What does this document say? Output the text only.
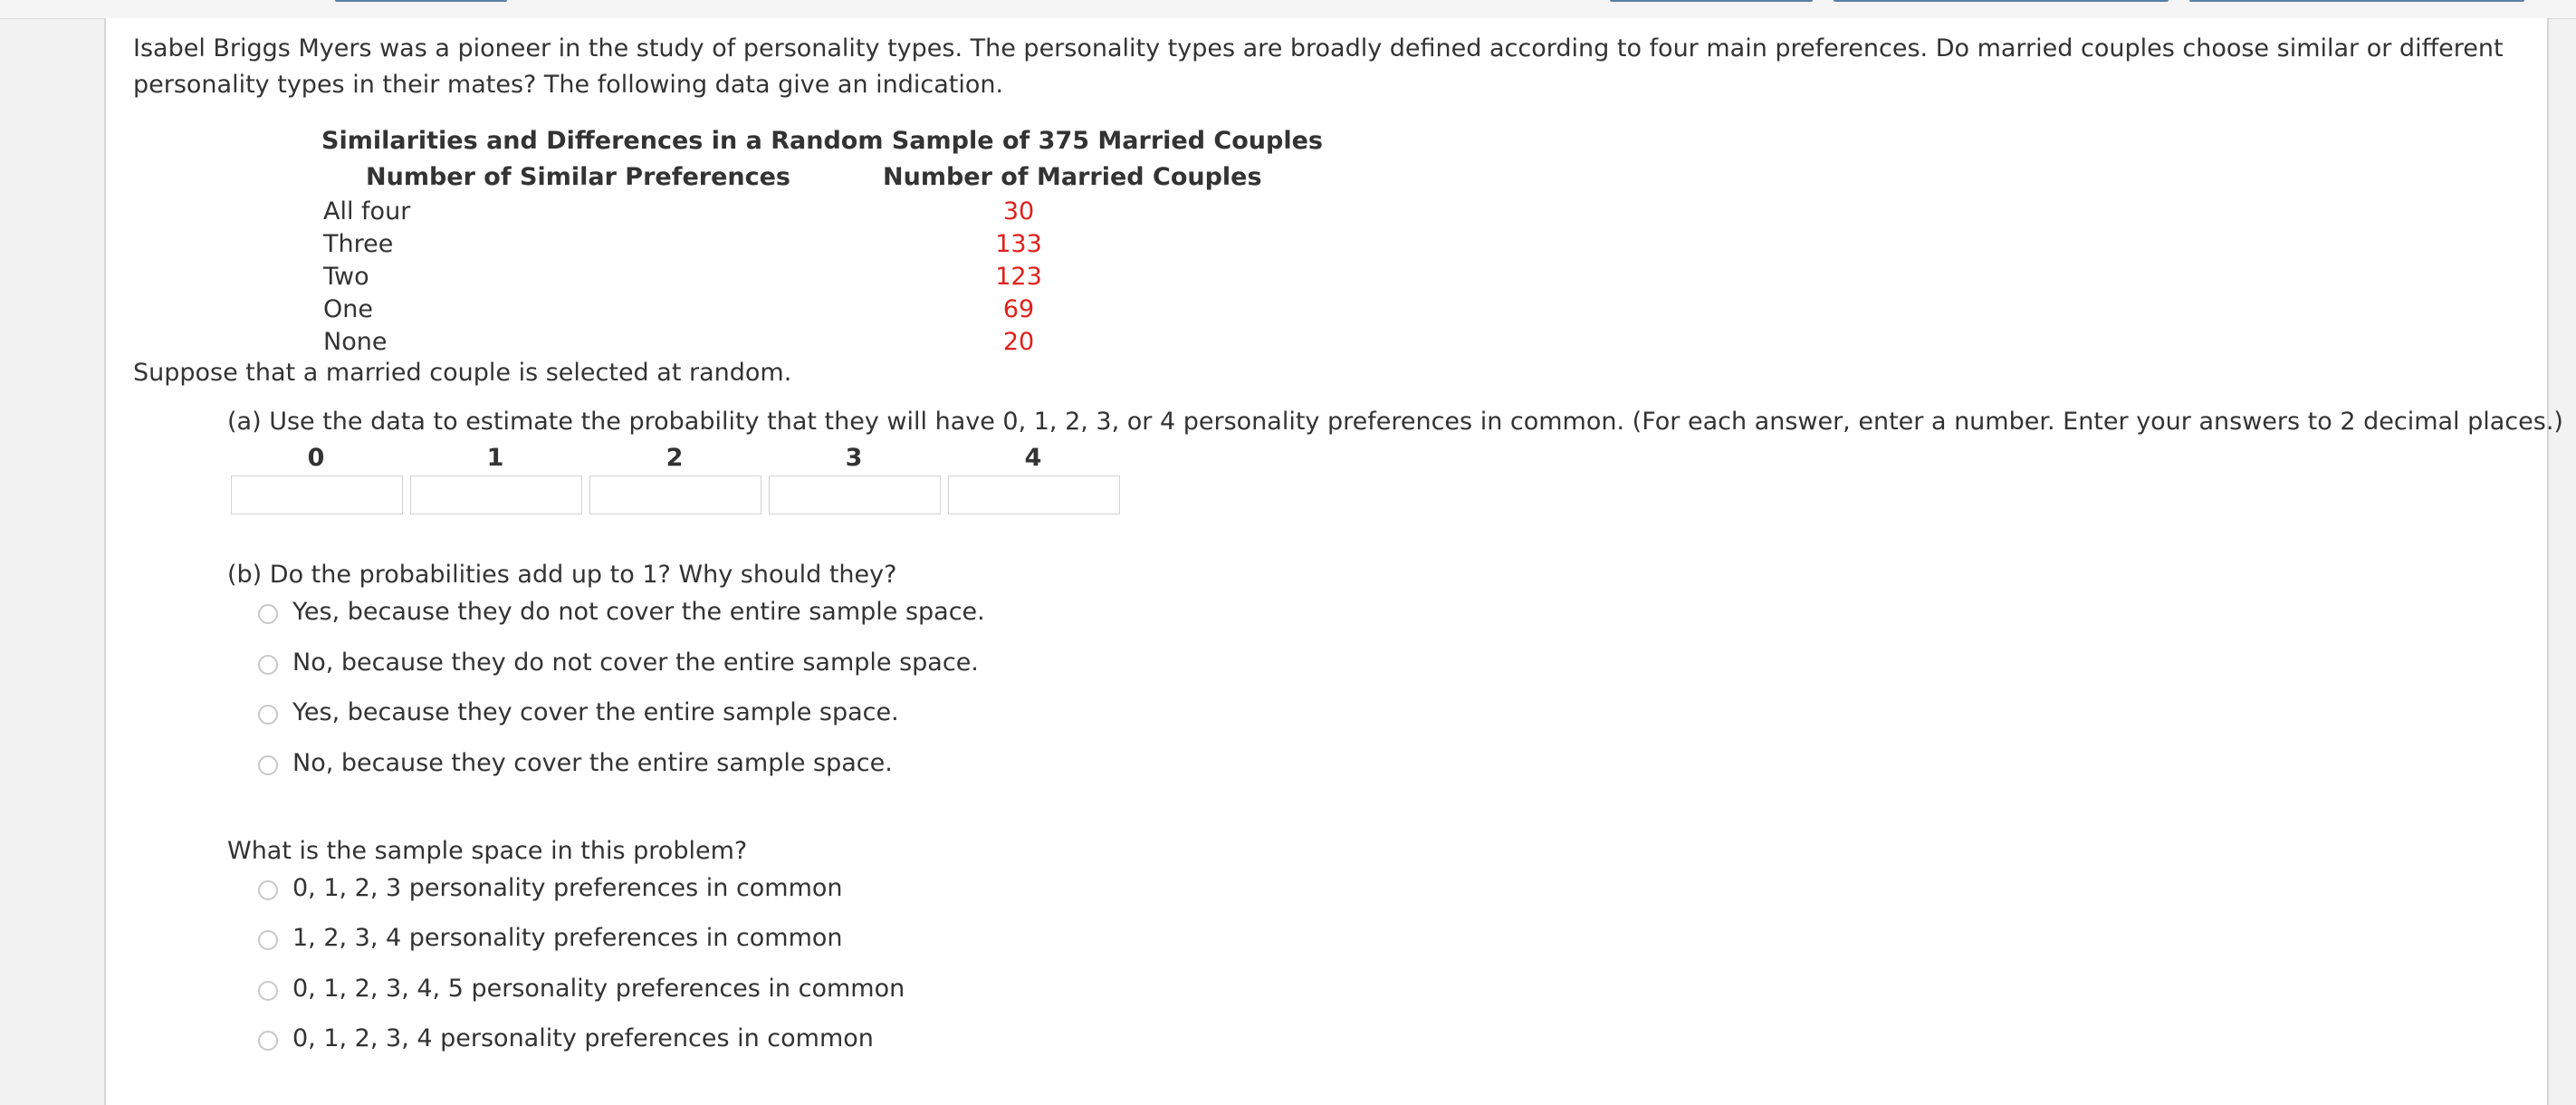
Isabel Briggs Myers was a pioneer in the study of personality types. The personality types are broadly defined according to four main preferences. Do married couples choose similar or different personality types in their mates? The following data give an indication.

Similarities and Differences in a Random Sample of 375 Married Couples
Number of Similar Preferences	Number of Married Couples
All four	30
Three	133
Two	123
One	69
None	20
Suppose that a married couple is selected at random.
(a) Use the data to estimate the probability that they will have 0, 1, 2, 3, or 4 personality preferences in common. (For each answer, enter a number. Enter your answers to 2 decimal places.)
0	1	2	3	4
(b) Do the probabilities add up to 1? Why should they?
Yes, because they do not cover the entire sample space.
No, because they do not cover the entire sample space.
Yes, because they cover the entire sample space.
No, because they cover the entire sample space.
What is the sample space in this problem?
0, 1, 2, 3 personality preferences in common
1, 2, 3, 4 personality preferences in common
0, 1, 2, 3, 4, 5 personality preferences in common
0, 1, 2, 3, 4 personality preferences in common
